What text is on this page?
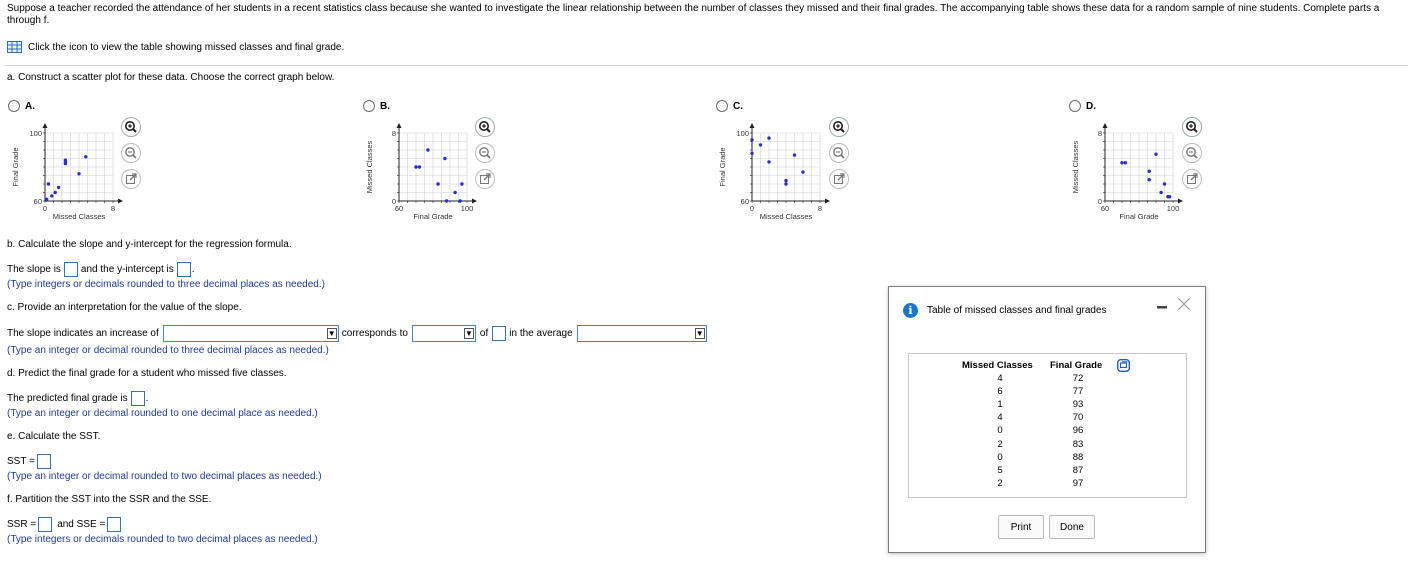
Suppose a teacher recorded the attendance of her students in a recent statistics class because she wanted to investigate the linear relationship between the number of classes they missed and their final grades. The accompanying table shows these data for a random sample of nine students. Complete parts a through f.
Click the icon to view the table showing missed classes and final grade.
a. Construct a scatter plot for these data. Choose the correct graph below.
A.	B.	C.	D.
100
60
0	8
Missed Classes
Final Grade
8
0
60	100
Final Grade
Missed Classes
100
60
0	8
Missed Classes
Final Grade
8
0
60	100
Final Grade
Missed Classes
b. Calculate the slope and y-intercept for the regression formula.
The slope is and the y-intercept is .
(Type integers or decimals rounded to three decimal places as needed.)
c. Provide an interpretation for the value of the slope.
The slope indicates an increase of	▼ corresponds to	▼ of in the average	▼
(Type an integer or decimal rounded to three decimal places as needed.)
d. Predict the final grade for a student who missed five classes.
The predicted final grade is .
(Type an integer or decimal rounded to one decimal place as needed.)
e. Calculate the SST.
SST =
(Type an integer or decimal rounded to two decimal places as needed.)
f. Partition the SST into the SSR and the SSE.
SSR = and SSE =
(Type integers or decimals rounded to two decimal places as needed.)
i	Table of missed classes and final grades
Missed Classes Final Grade
4	72
6	77
1	93
4	70
0	96
2	83
0	88
5	87
2	97
Print	Done
